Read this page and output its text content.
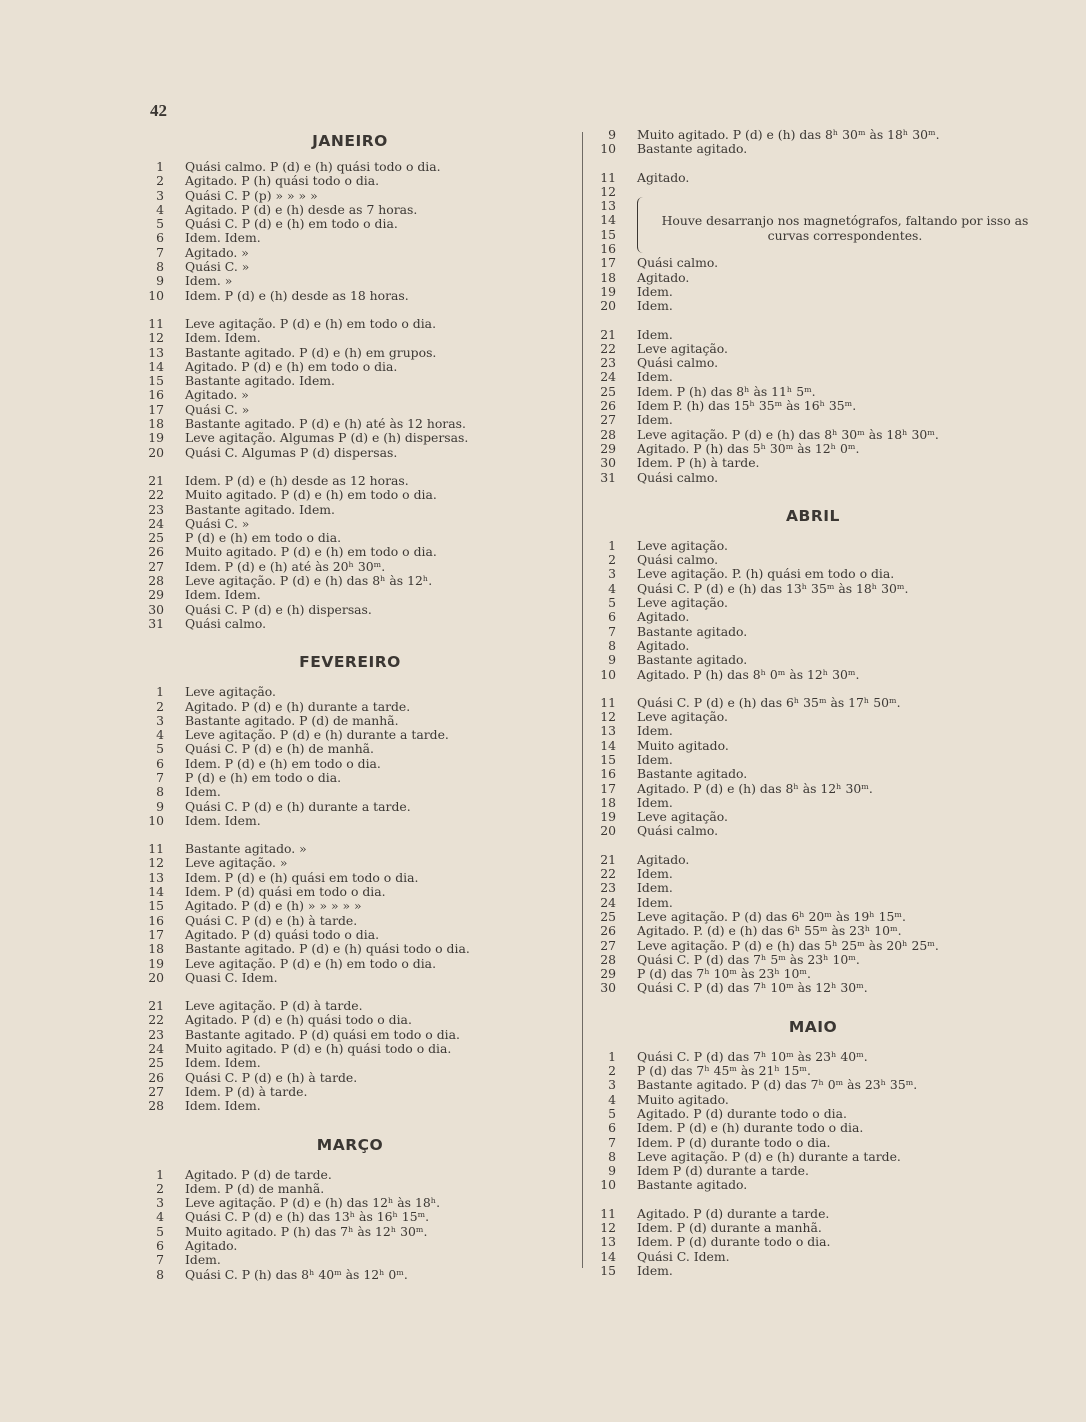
42
JANEIRO
1 Quási calmo. P (d) e (h) quási todo o dia.
2 Agitado. P (h) quási todo o dia.
3 Quási C. P (p) » » » »
4 Agitado. P (d) e (h) desde as 7 horas.
5 Quási C. P (d) e (h) em todo o dia.
6 Idem. Idem.
7 Agitado. »
8 Quási C. »
9 Idem. »
10 Idem. P (d) e (h) desde as 18 horas.
11 Leve agitação. P (d) e (h) em todo o dia.
12 Idem. Idem.
13 Bastante agitado. P (d) e (h) em grupos.
14 Agitado. P (d) e (h) em todo o dia.
15 Bastante agitado. Idem.
16 Agitado. »
17 Quási C. »
18 Bastante agitado. P (d) e (h) até às 12 horas.
19 Leve agitação. Algumas P (d) e (h) dispersas.
20 Quási C. Algumas P (d) dispersas.
21 Idem. P (d) e (h) desde as 12 horas.
22 Muito agitado. P (d) e (h) em todo o dia.
23 Bastante agitado. Idem.
24 Quási C. »
25 P (d) e (h) em todo o dia.
26 Muito agitado. P (d) e (h) em todo o dia.
27 Idem. P (d) e (h) até às 20ʰ 30ᵐ.
28 Leve agitação. P (d) e (h) das 8ʰ às 12ʰ.
29 Idem. Idem.
30 Quási C. P (d) e (h) dispersas.
31 Quási calmo.
FEVEREIRO
1 Leve agitação.
2 Agitado. P (d) e (h) durante a tarde.
3 Bastante agitado. P (d) de manhã.
4 Leve agitação. P (d) e (h) durante a tarde.
5 Quási C. P (d) e (h) de manhã.
6 Idem. P (d) e (h) em todo o dia.
7 P (d) e (h) em todo o dia.
8 Idem.
9 Quási C. P (d) e (h) durante a tarde.
10 Idem. Idem.
11 Bastante agitado. »
12 Leve agitação. »
13 Idem. P (d) e (h) quási em todo o dia.
14 Idem. P (d) quási em todo o dia.
15 Agitado. P (d) e (h) » » » » »
16 Quási C. P (d) e (h) à tarde.
17 Agitado. P (d) quási todo o dia.
18 Bastante agitado. P (d) e (h) quási todo o dia.
19 Leve agitação. P (d) e (h) em todo o dia.
20 Quasi C. Idem.
21 Leve agitação. P (d) à tarde.
22 Agitado. P (d) e (h) quási todo o dia.
23 Bastante agitado. P (d) quási em todo o dia.
24 Muito agitado. P (d) e (h) quási todo o dia.
25 Idem. Idem.
26 Quási C. P (d) e (h) à tarde.
27 Idem. P (d) à tarde.
28 Idem. Idem.
MARÇO
1 Agitado. P (d) de tarde.
2 Idem. P (d) de manhã.
3 Leve agitação. P (d) e (h) das 12ʰ às 18ʰ.
4 Quási C. P (d) e (h) das 13ʰ às 16ʰ 15ᵐ.
5 Muito agitado. P (h) das 7ʰ às 12ʰ 30ᵐ.
6 Agitado.
7 Idem.
8 Quási C. P (h) das 8ʰ 40ᵐ às 12ʰ 0ᵐ.
9 Muito agitado. P (d) e (h) das 8ʰ 30ᵐ às 18ʰ 30ᵐ.
10 Bastante agitado.
11 Agitado.
12
13
14
15
16
17 Quási calmo.
18 Agitado.
19 Idem.
20 Idem.
21 Idem.
22 Leve agitação.
23 Quási calmo.
24 Idem.
25 Idem. P (h) das 8ʰ às 11ʰ 5ᵐ.
26 Idem P. (h) das 15ʰ 35ᵐ às 16ʰ 35ᵐ.
27 Idem.
28 Leve agitação. P (d) e (h) das 8ʰ 30ᵐ às 18ʰ 30ᵐ.
29 Agitado. P (h) das 5ʰ 30ᵐ às 12ʰ 0ᵐ.
30 Idem. P (h) à tarde.
31 Quási calmo.
Houve desarranjo nos magnetógrafos, faltando por isso as curvas correspondentes.
ABRIL
1 Leve agitação.
2 Quási calmo.
3 Leve agitação. P. (h) quási em todo o dia.
4 Quási C. P (d) e (h) das 13ʰ 35ᵐ às 18ʰ 30ᵐ.
5 Leve agitação.
6 Agitado.
7 Bastante agitado.
8 Agitado.
9 Bastante agitado.
10 Agitado. P (h) das 8ʰ 0ᵐ às 12ʰ 30ᵐ.
11 Quási C. P (d) e (h) das 6ʰ 35ᵐ às 17ʰ 50ᵐ.
12 Leve agitação.
13 Idem.
14 Muito agitado.
15 Idem.
16 Bastante agitado.
17 Agitado. P (d) e (h) das 8ʰ às 12ʰ 30ᵐ.
18 Idem.
19 Leve agitação.
20 Quási calmo.
21 Agitado.
22 Idem.
23 Idem.
24 Idem.
25 Leve agitação. P (d) das 6ʰ 20ᵐ às 19ʰ 15ᵐ.
26 Agitado. P. (d) e (h) das 6ʰ 55ᵐ às 23ʰ 10ᵐ.
27 Leve agitação. P (d) e (h) das 5ʰ 25ᵐ às 20ʰ 25ᵐ.
28 Quási C. P (d) das 7ʰ 5ᵐ às 23ʰ 10ᵐ.
29 P (d) das 7ʰ 10ᵐ às 23ʰ 10ᵐ.
30 Quási C. P (d) das 7ʰ 10ᵐ às 12ʰ 30ᵐ.
MAIO
1 Quási C. P (d) das 7ʰ 10ᵐ às 23ʰ 40ᵐ.
2 P (d) das 7ʰ 45ᵐ às 21ʰ 15ᵐ.
3 Bastante agitado. P (d) das 7ʰ 0ᵐ às 23ʰ 35ᵐ.
4 Muito agitado.
5 Agitado. P (d) durante todo o dia.
6 Idem. P (d) e (h) durante todo o dia.
7 Idem. P (d) durante todo o dia.
8 Leve agitação. P (d) e (h) durante a tarde.
9 Idem P (d) durante a tarde.
10 Bastante agitado.
11 Agitado. P (d) durante a tarde.
12 Idem. P (d) durante a manhã.
13 Idem. P (d) durante todo o dia.
14 Quási C. Idem.
15 Idem.
